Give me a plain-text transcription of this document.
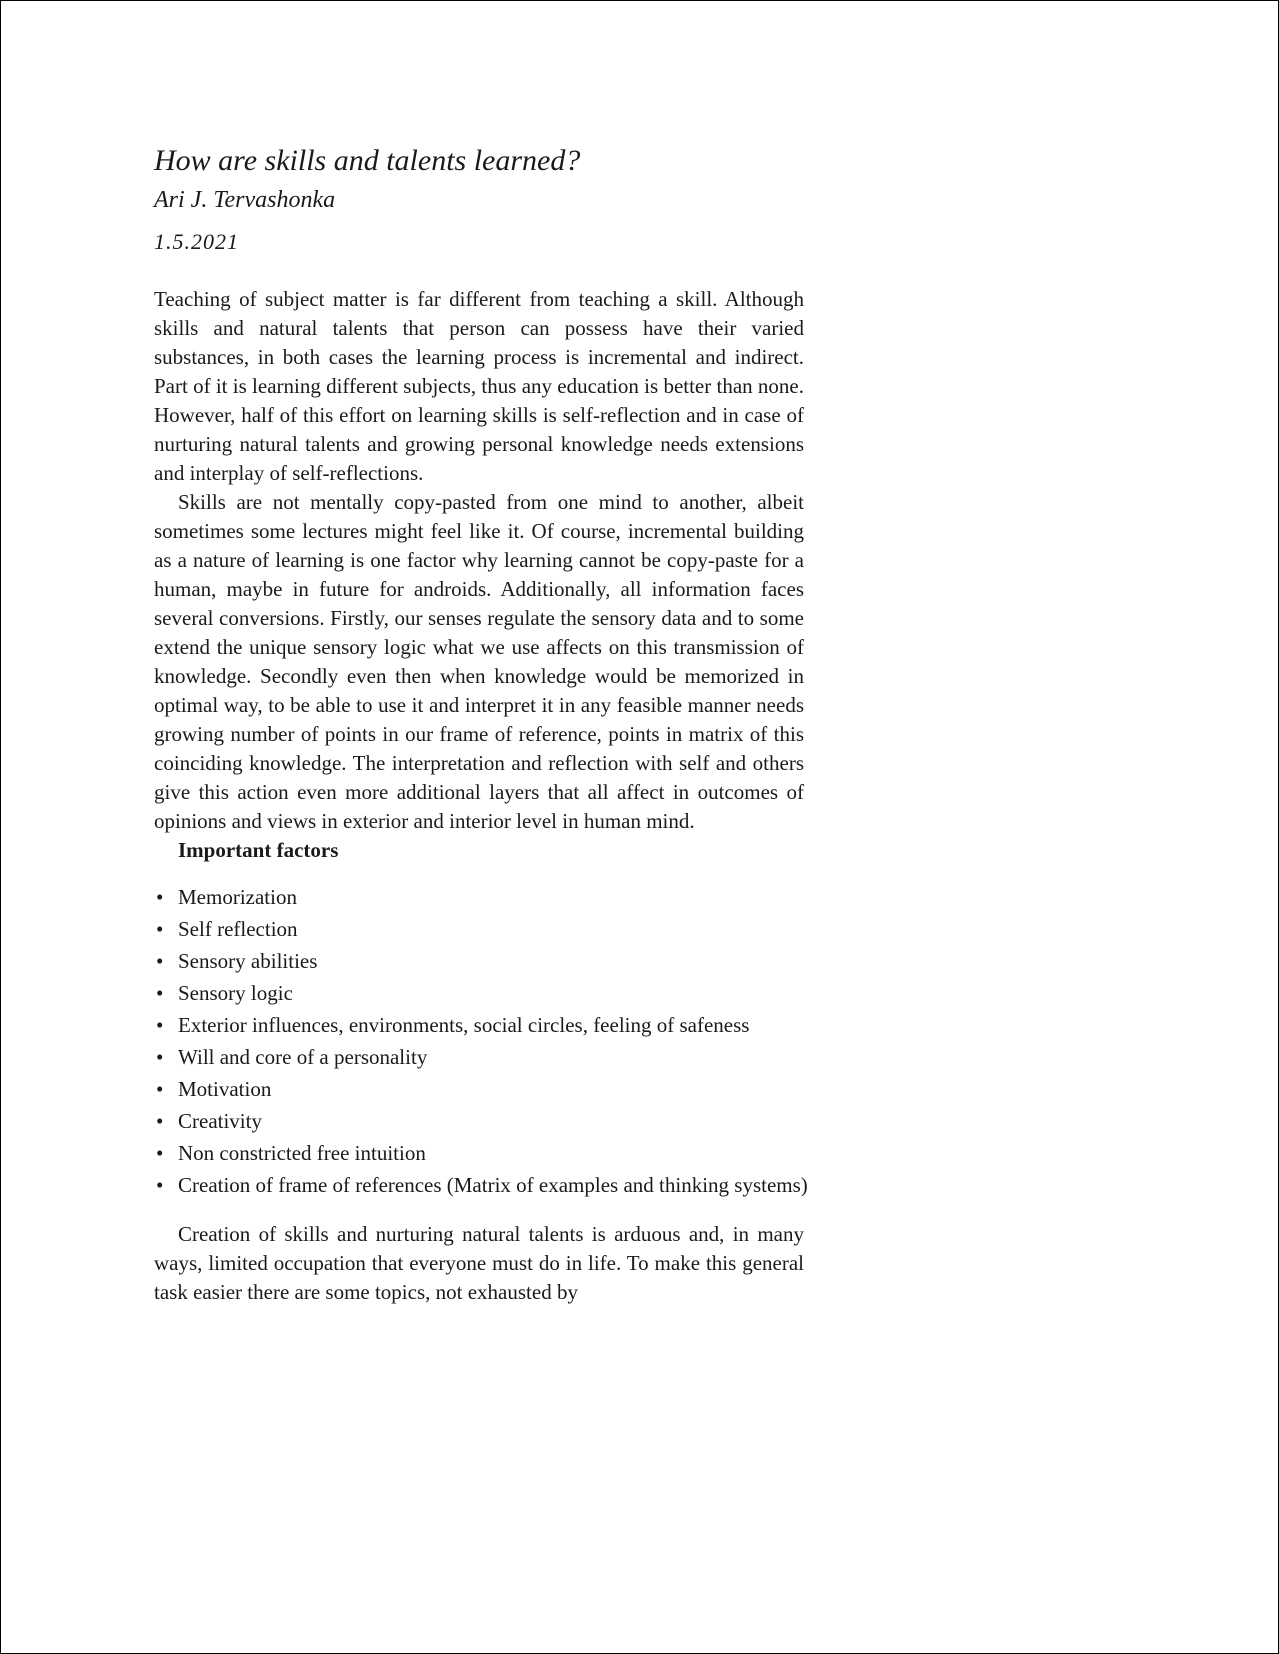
How are skills and talents learned?
Ari J. Tervashonka
1.5.2021

Teaching of subject matter is far different from teaching a skill. Although skills and natural talents that person can possess have their varied substances, in both cases the learning process is incremental and indirect. Part of it is learning different subjects, thus any education is better than none. However, half of this effort on learning skills is self-reflection and in case of nurturing natural talents and growing personal knowledge needs extensions and interplay of self-reflections.

Skills are not mentally copy-pasted from one mind to another, albeit sometimes some lectures might feel like it. Of course, incremental building as a nature of learning is one factor why learning cannot be copy-paste for a human, maybe in future for androids. Additionally, all information faces several conversions. Firstly, our senses regulate the sensory data and to some extend the unique sensory logic what we use affects on this transmission of knowledge. Secondly even then when knowledge would be memorized in optimal way, to be able to use it and interpret it in any feasible manner needs growing number of points in our frame of reference, points in matrix of this coinciding knowledge. The interpretation and reflection with self and others give this action even more additional layers that all affect in outcomes of opinions and views in exterior and interior level in human mind.

Important factors
• Memorization
• Self reflection
• Sensory abilities
• Sensory logic
• Exterior influences, environments, social circles, feeling of safeness
• Will and core of a personality
• Motivation
• Creativity
• Non constricted free intuition
• Creation of frame of references (Matrix of examples and thinking systems)

Creation of skills and nurturing natural talents is arduous and, in many ways, limited occupation that everyone must do in life. To make this general task easier there are some topics, not exhausted by
